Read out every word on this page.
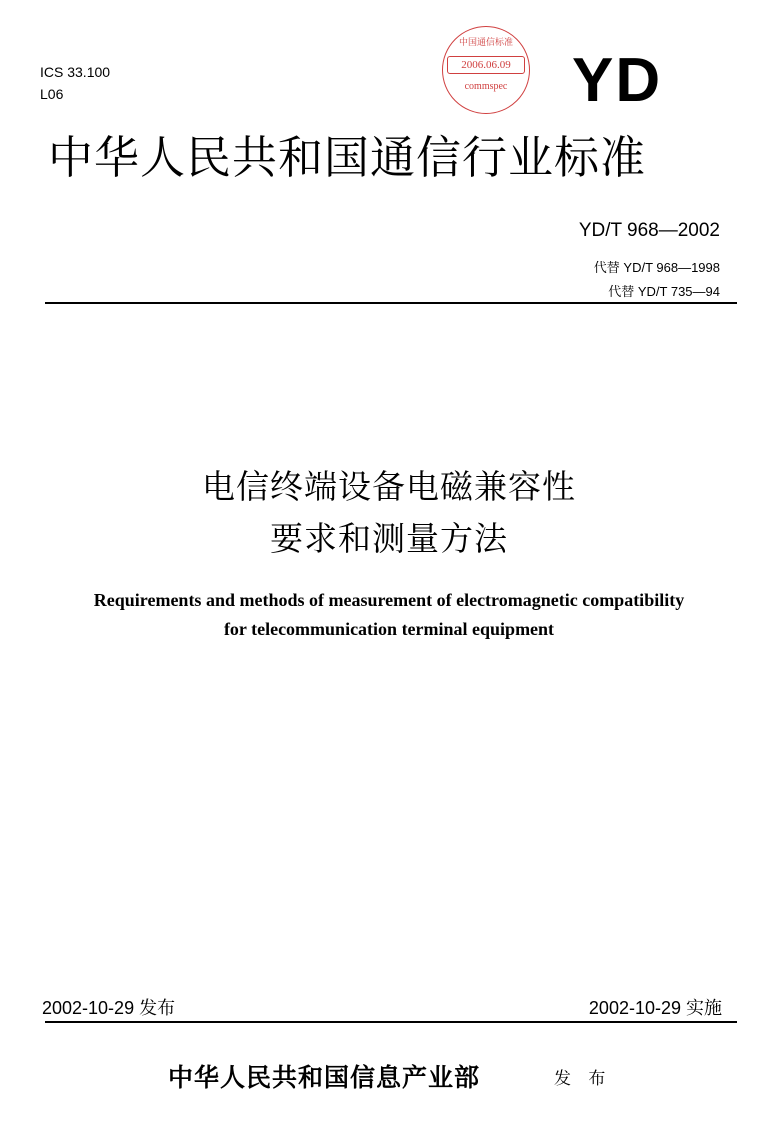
ICS 33.100
L06
中国通信标准
2006.06.09
commspec	YD
中华人民共和国通信行业标准
YD/T 968—2002
代替 YD/T 968—1998
代替 YD/T 735—94
电信终端设备电磁兼容性
要求和测量方法
Requirements and methods of measurement of electromagnetic compatibility
for telecommunication terminal equipment
2002-10-29 发布	2002-10-29 实施
中华人民共和国信息产业部	发 布
